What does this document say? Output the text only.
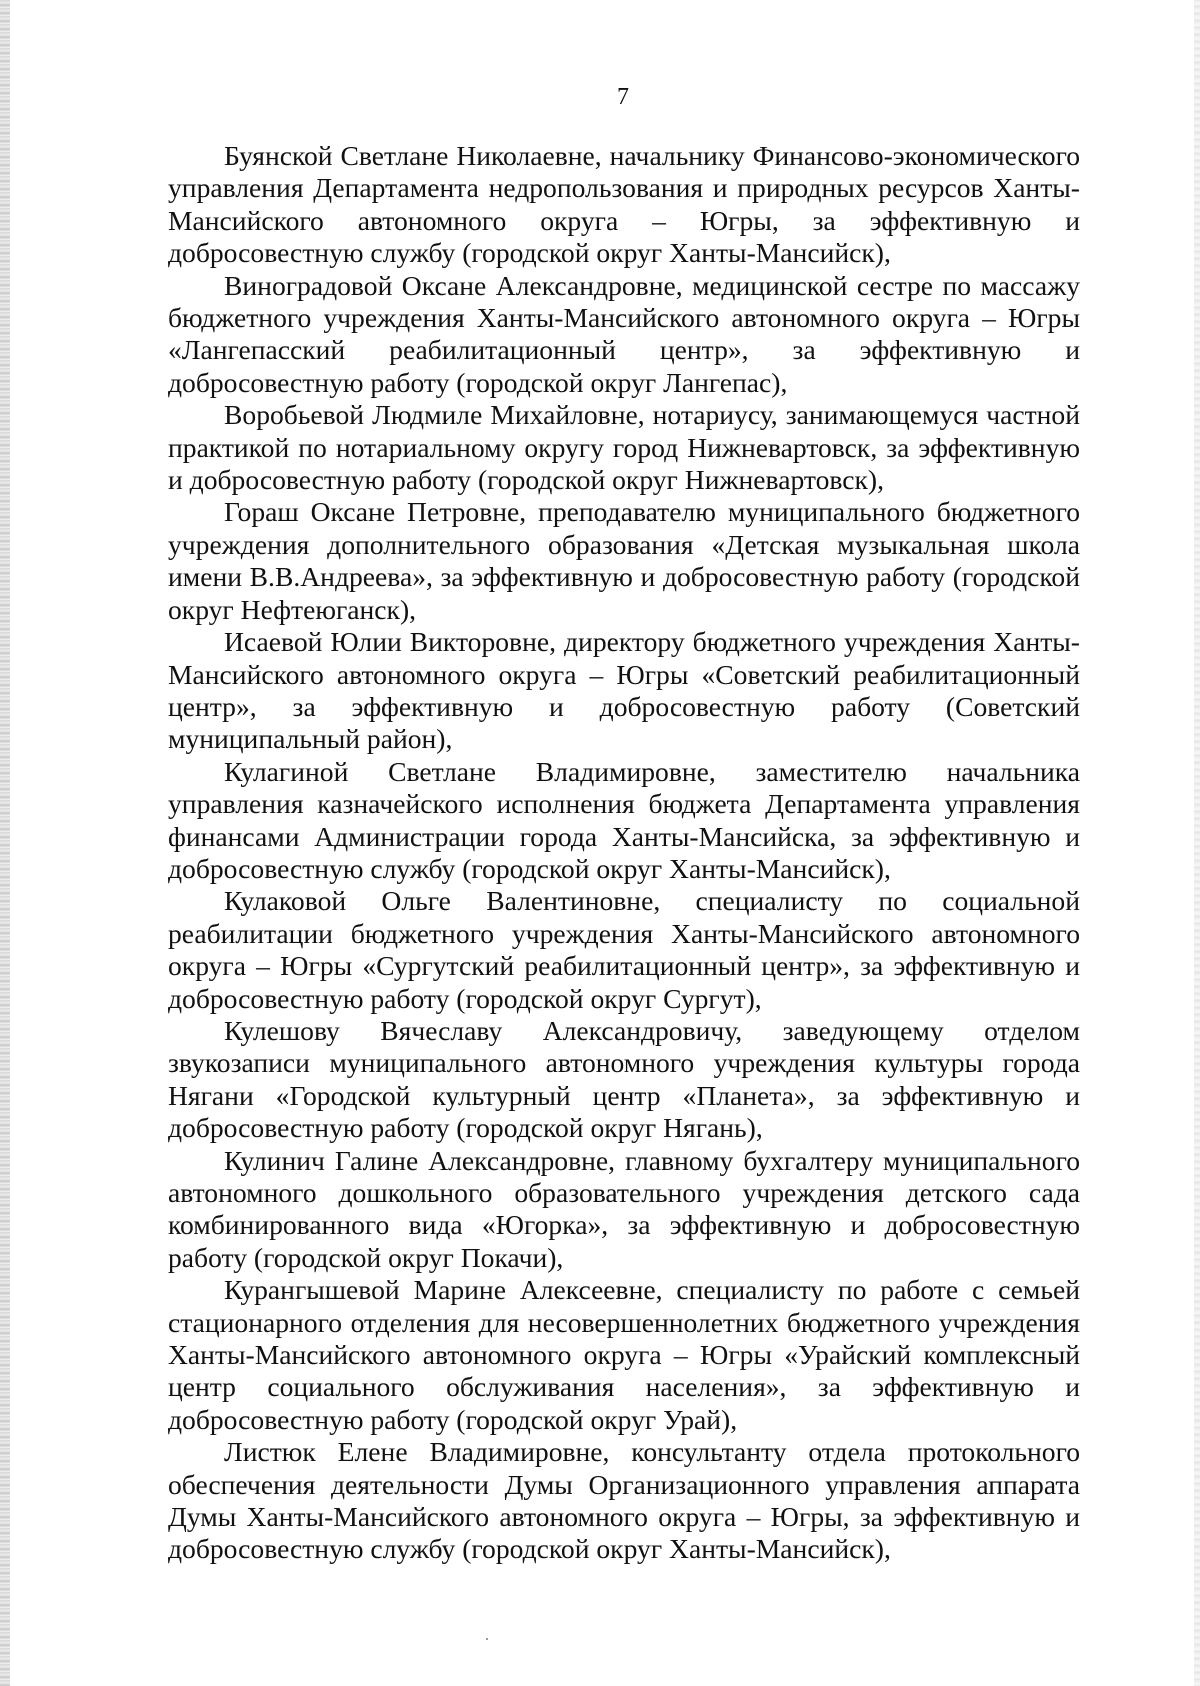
7

Буянской Светлане Николаевне, начальнику Финансово-экономического управления Департамента недропользования и природных ресурсов Ханты-Мансийского автономного округа – Югры, за эффективную и добросовестную службу (городской округ Ханты-Мансийск),

Виноградовой Оксане Александровне, медицинской сестре по массажу бюджетного учреждения Ханты-Мансийского автономного округа – Югры «Лангепасский реабилитационный центр», за эффективную и добросовестную работу (городской округ Лангепас),

Воробьевой Людмиле Михайловне, нотариусу, занимающемуся частной практикой по нотариальному округу город Нижневартовск, за эффективную и добросовестную работу (городской округ Нижневартовск),

Гораш Оксане Петровне, преподавателю муниципального бюджетного учреждения дополнительного образования «Детская музыкальная школа имени В.В.Андреева», за эффективную и добросовестную работу (городской округ Нефтеюганск),

Исаевой Юлии Викторовне, директору бюджетного учреждения Ханты-Мансийского автономного округа – Югры «Советский реабилитационный центр», за эффективную и добросовестную работу (Советский муниципальный район),

Кулагиной Светлане Владимировне, заместителю начальника управления казначейского исполнения бюджета Департамента управления финансами Администрации города Ханты-Мансийска, за эффективную и добросовестную службу (городской округ Ханты-Мансийск),

Кулаковой Ольге Валентиновне, специалисту по социальной реабилитации бюджетного учреждения Ханты-Мансийского автономного округа – Югры «Сургутский реабилитационный центр», за эффективную и добросовестную работу (городской округ Сургут),

Кулешову Вячеславу Александровичу, заведующему отделом звукозаписи муниципального автономного учреждения культуры города Нягани «Городской культурный центр «Планета», за эффективную и добросовестную работу (городской округ Нягань),

Кулинич Галине Александровне, главному бухгалтеру муниципального автономного дошкольного образовательного учреждения детского сада комбинированного вида «Югорка», за эффективную и добросовестную работу (городской округ Покачи),

Курангышевой Марине Алексеевне, специалисту по работе с семьей стационарного отделения для несовершеннолетних бюджетного учреждения Ханты-Мансийского автономного округа – Югры «Урайский комплексный центр социального обслуживания населения», за эффективную и добросовестную работу (городской округ Урай),

Листюк Елене Владимировне, консультанту отдела протокольного обеспечения деятельности Думы Организационного управления аппарата Думы Ханты-Мансийского автономного округа – Югры, за эффективную и добросовестную службу (городской округ Ханты-Мансийск),
